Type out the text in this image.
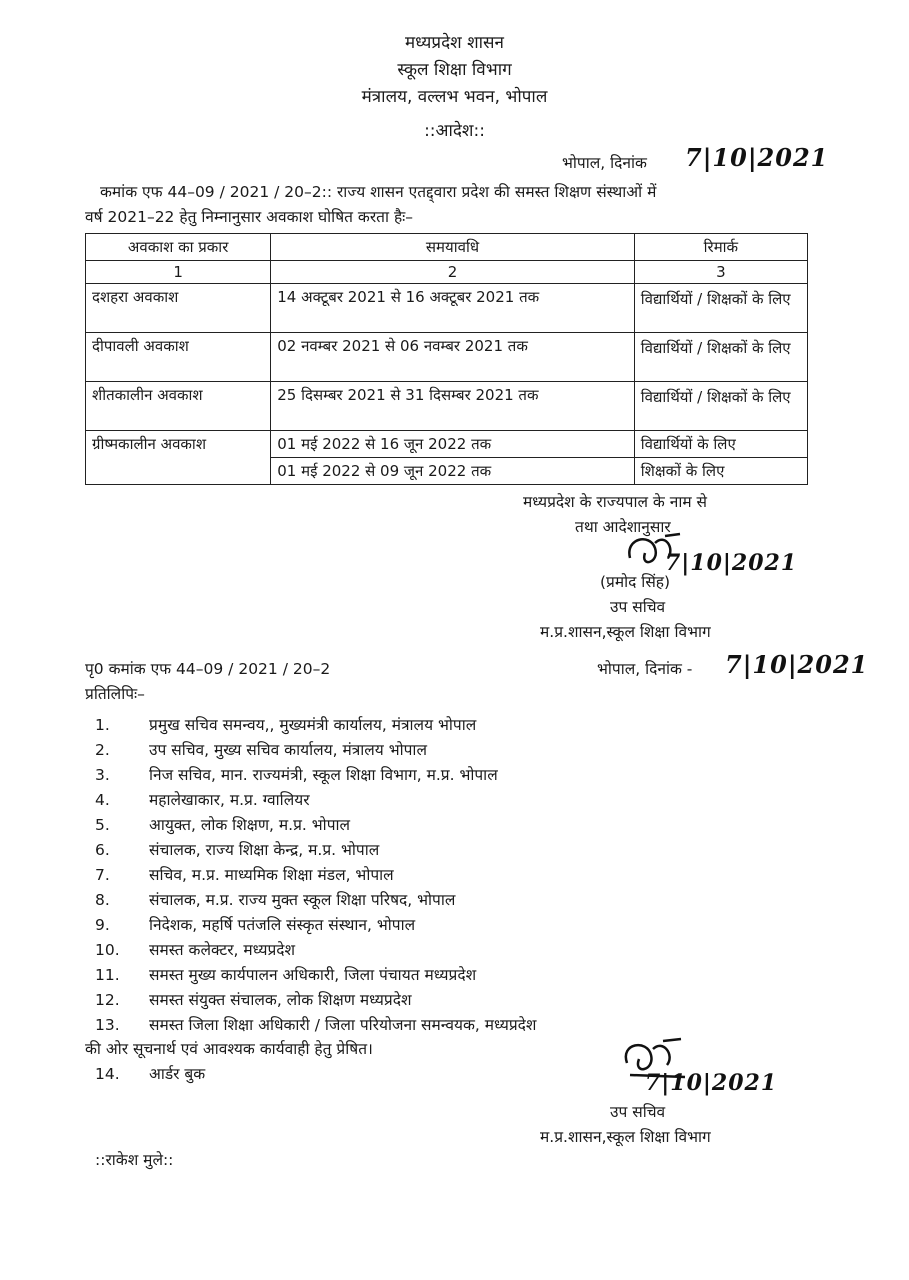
मध्यप्रदेश शासन
स्कूल शिक्षा विभाग
मंत्रालय, वल्लभ भवन, भोपाल
::आदेश::
भोपाल, दिनांक 7|10|2021
कमांक एफ 44–09 / 2021 / 20–2:: राज्य शासन एतद्द्वारा प्रदेश की समस्त शिक्षण संस्थाओं में
वर्ष 2021–22 हेतु निम्नानुसार अवकाश घोषित करता हैः–
अवकाश का प्रकार	समयावधि	रिमार्क
1	2	3
दशहरा अवकाश	14 अक्टूबर 2021 से 16 अक्टूबर 2021 तक	विद्यार्थियों / शिक्षकों के लिए
दीपावली अवकाश	02 नवम्बर 2021 से 06 नवम्बर 2021 तक	विद्यार्थियों / शिक्षकों के लिए
शीतकालीन अवकाश	25 दिसम्बर 2021 से 31 दिसम्बर 2021 तक	विद्यार्थियों / शिक्षकों के लिए
ग्रीष्मकालीन अवकाश	01 मई 2022 से 16 जून 2022 तक	विद्यार्थियों के लिए
	01 मई 2022 से 09 जून 2022 तक	शिक्षकों के लिए
मध्यप्रदेश के राज्यपाल के नाम से
तथा आदेशानुसार
7|10|2021
(प्रमोद सिंह)
उप सचिव
म.प्र.शासन,स्कूल शिक्षा विभाग
पृ0 कमांक एफ 44–09 / 2021 / 20–2	भोपाल, दिनांक - 7|10|2021
प्रतिलिपिः–
1.	प्रमुख सचिव समन्वय,, मुख्यमंत्री कार्यालय, मंत्रालय भोपाल
2.	उप सचिव, मुख्य सचिव कार्यालय, मंत्रालय भोपाल
3.	निज सचिव, मान. राज्यमंत्री, स्कूल शिक्षा विभाग, म.प्र. भोपाल
4.	महालेखाकार, म.प्र. ग्वालियर
5.	आयुक्त, लोक शिक्षण, म.प्र. भोपाल
6.	संचालक, राज्य शिक्षा केन्द्र, म.प्र. भोपाल
7.	सचिव, म.प्र. माध्यमिक शिक्षा मंडल, भोपाल
8.	संचालक, म.प्र. राज्य मुक्त स्कूल शिक्षा परिषद, भोपाल
9.	निदेशक, महर्षि पतंजलि संस्कृत संस्थान, भोपाल
10. समस्त कलेक्टर, मध्यप्रदेश
11. समस्त मुख्य कार्यपालन अधिकारी, जिला पंचायत मध्यप्रदेश
12. समस्त संयुक्त संचालक, लोक शिक्षण मध्यप्रदेश
13. समस्त जिला शिक्षा अधिकारी / जिला परियोजना समन्वयक, मध्यप्रदेश
की ओर सूचनार्थ एवं आवश्यक कार्यवाही हेतु प्रेषित।
14. आर्डर बुक	7|10|2021
उप सचिव
म.प्र.शासन,स्कूल शिक्षा विभाग
::राकेश मुले::
